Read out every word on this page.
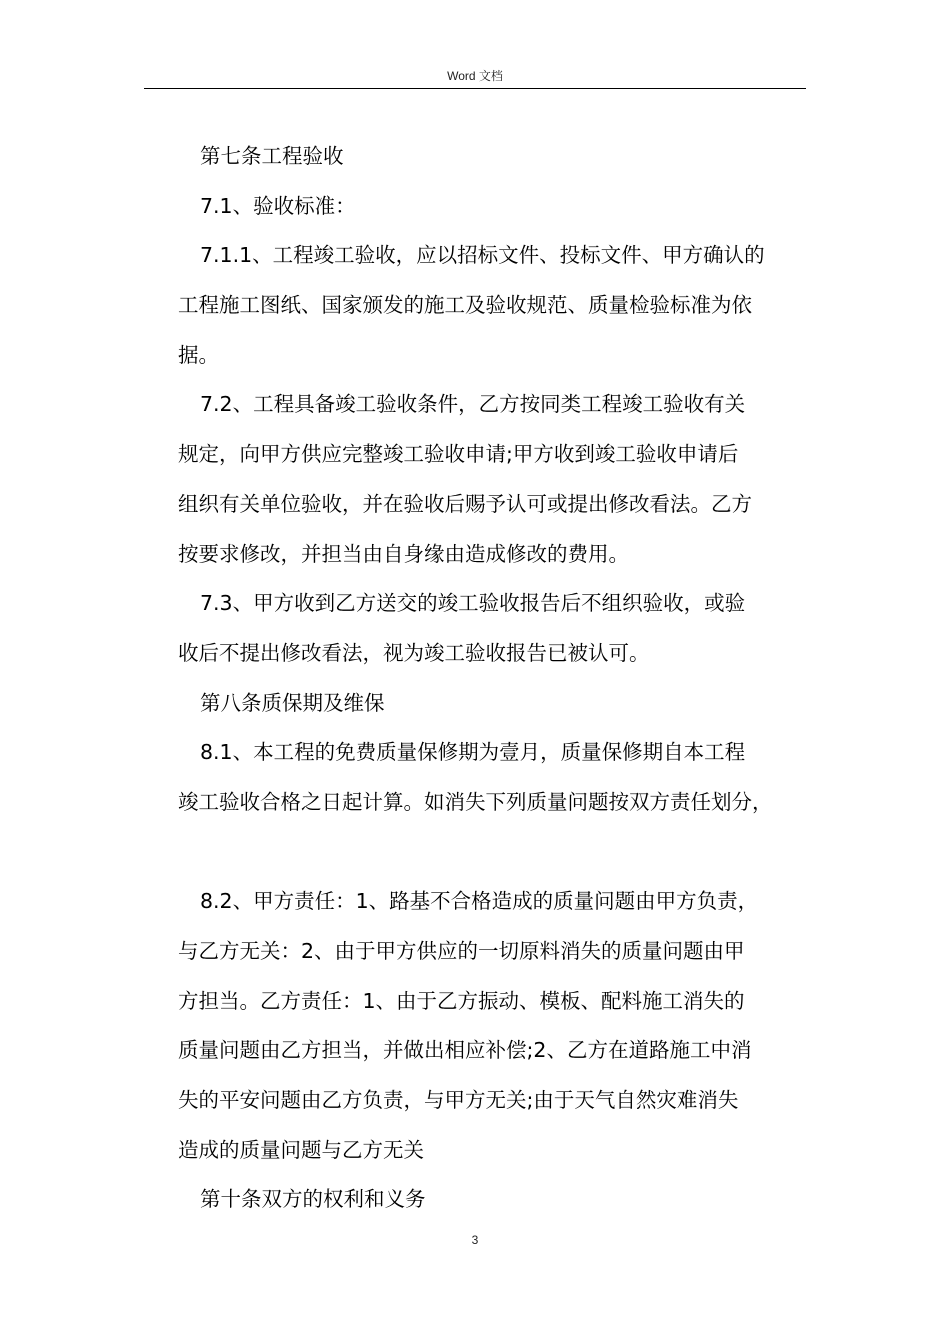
Word 文档
第七条工程验收
7.1、验收标准：
7.1.1、工程竣工验收，应以招标文件、投标文件、甲方确认的
工程施工图纸、国家颁发的施工及验收规范、质量检验标准为依
据。
7.2、工程具备竣工验收条件，乙方按同类工程竣工验收有关
规定，向甲方供应完整竣工验收申请;甲方收到竣工验收申请后
组织有关单位验收，并在验收后赐予认可或提出修改看法。乙方
按要求修改，并担当由自身缘由造成修改的费用。
7.3、甲方收到乙方送交的竣工验收报告后不组织验收，或验
收后不提出修改看法，视为竣工验收报告已被认可。
第八条质保期及维保
8.1、本工程的免费质量保修期为壹月，质量保修期自本工程
竣工验收合格之日起计算。如消失下列质量问题按双方责任划分，
8.2、甲方责任：1、路基不合格造成的质量问题由甲方负责，
与乙方无关：2、由于甲方供应的一切原料消失的质量问题由甲
方担当。乙方责任：1、由于乙方振动、模板、配料施工消失的
质量问题由乙方担当，并做出相应补偿;2、乙方在道路施工中消
失的平安问题由乙方负责，与甲方无关;由于天气自然灾难消失
造成的质量问题与乙方无关
第十条双方的权利和义务
3
